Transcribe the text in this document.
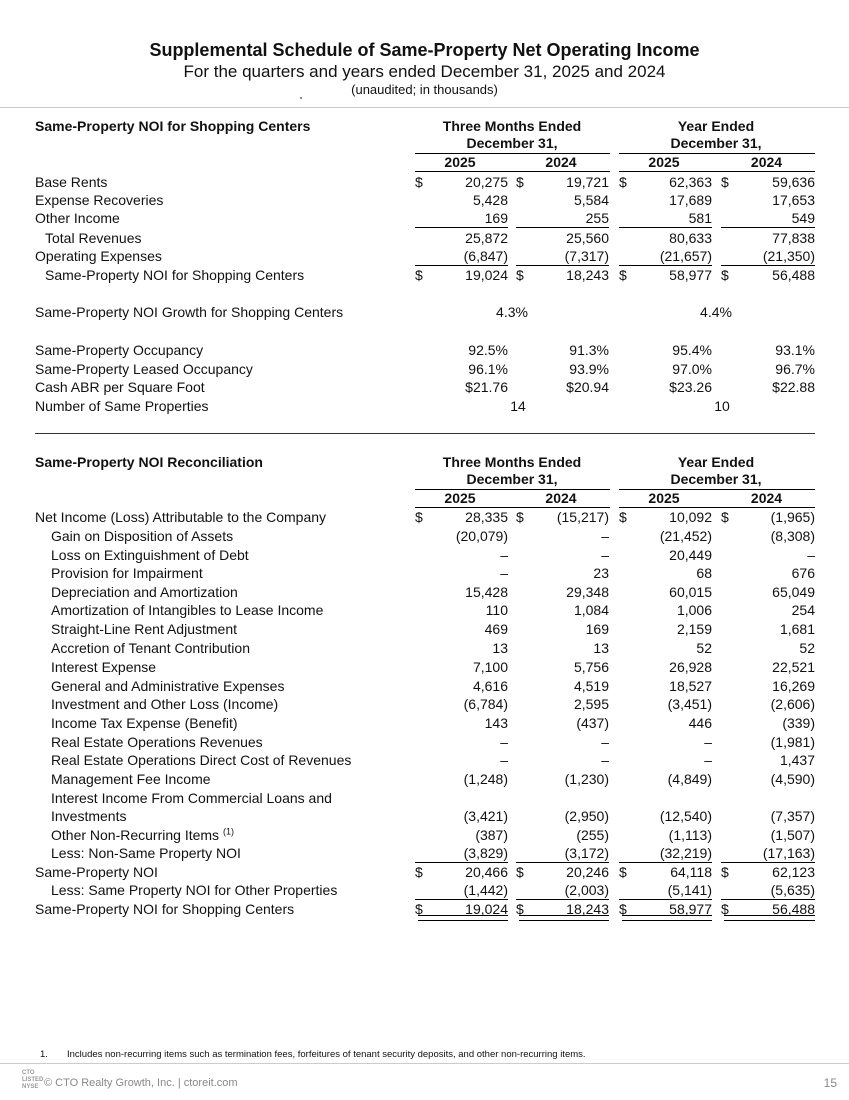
Supplemental Schedule of Same-Property Net Operating Income
For the quarters and years ended December 31, 2025 and 2024
(unaudited; in thousands)
Same-Property NOI for Shopping Centers	Three Months Ended
December 31,
Year Ended
December 31,
2025	2024	2025	2024
Base Rents	$	20,275 $	19,721 $	62,363 $	59,636
Expense Recoveries	5,428	5,584	17,689	17,653
Other Income	169	255	581	549
Total Revenues	25,872	25,560	80,633	77,838
Operating Expenses	(6,847)	(7,317)	(21,657)	(21,350)
Same-Property NOI for Shopping Centers	$	19,024 $	18,243 $	58,977 $	56,488
Same-Property NOI Growth for Shopping Centers	4.3%	4.4%
Same-Property Occupancy	92.5%	91.3%	95.4%	93.1%
Same-Property Leased Occupancy	96.1%	93.9%	97.0%	96.7%
Cash ABR per Square Foot	$21.76	$20.94	$23.26	$22.88
Number of Same Properties	14	10
Same-Property NOI Reconciliation	Three Months Ended
December 31,
Year Ended
December 31,
2025	2024	2025	2024
Net Income (Loss) Attributable to the Company	$	28,335 $	(15,217) $	10,092 $	(1,965)
Gain on Disposition of Assets	(20,079)	–	(21,452)	(8,308)
Loss on Extinguishment of Debt	–	–	20,449	–
Provision for Impairment	–	23	68	676
Depreciation and Amortization	15,428	29,348	60,015	65,049
Amortization of Intangibles to Lease Income	110	1,084	1,006	254
Straight-Line Rent Adjustment	469	169	2,159	1,681
Accretion of Tenant Contribution	13	13	52	52
Interest Expense	7,100	5,756	26,928	22,521
General and Administrative Expenses	4,616	4,519	18,527	16,269
Investment and Other Loss (Income)	(6,784)	2,595	(3,451)	(2,606)
Income Tax Expense (Benefit)	143	(437)	446	(339)
Real Estate Operations Revenues	–	–	–	(1,981)
Real Estate Operations Direct Cost of Revenues	–	–	–	1,437
Management Fee Income	(1,248)	(1,230)	(4,849)	(4,590)
Interest Income From Commercial Loans and
Investments	(3,421)	(2,950)	(12,540)	(7,357)
Other Non-Recurring Items $^{(1)}$	(387)	(255)	(1,113)	(1,507)
Less: Non-Same Property NOI	(3,829)	(3,172)	(32,219)	(17,163)
Same-Property NOI	$	20,466 $	20,246 $	64,118 $	62,123
Less: Same Property NOI for Other Properties	(1,442)	(2,003)	(5,141)	(5,635)
Same-Property NOI for Shopping Centers	$	19,024 $	18,243 $	58,977 $	56,488
1. Includes non-recurring items such as termination fees, forfeitures of tenant security deposits, and other non-recurring items.
CTO
LISTED
NYSE © CTO Realty Growth, Inc. | ctoreit.com	15
